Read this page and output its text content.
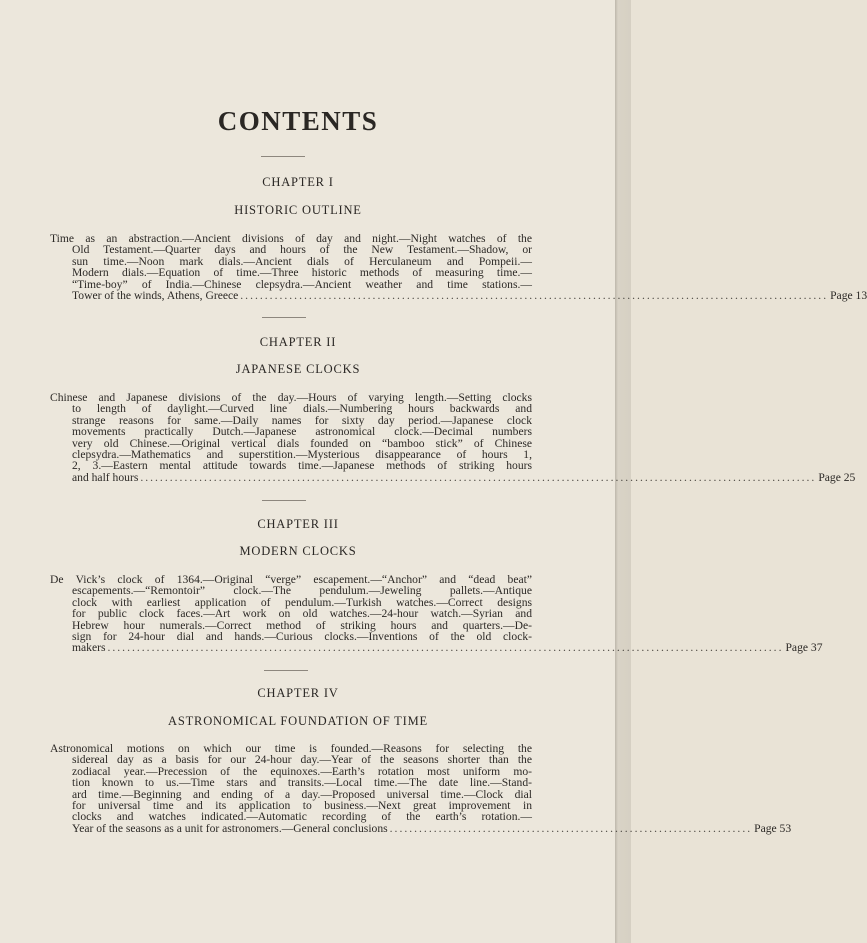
CONTENTS
CHAPTER I
HISTORIC OUTLINE
Time as an abstraction.—Ancient divisions of day and night.—Night watches of the
Old Testament.—Quarter days and hours of the New Testament.—Shadow, or
sun time.—Noon mark dials.—Ancient dials of Herculaneum and Pompeii.—
Modern dials.—Equation of time.—Three historic methods of measuring time.—
“Time-boy” of India.—Chinese clepsydra.—Ancient weather and time stations.—
Tower of the winds, Athens, Greece ........................................................................................................................ Page 13
CHAPTER II
JAPANESE CLOCKS
Chinese and Japanese divisions of the day.—Hours of varying length.—Setting clocks
to length of daylight.—Curved line dials.—Numbering hours backwards and
strange reasons for same.—Daily names for sixty day period.—Japanese clock
movements practically Dutch.—Japanese astronomical clock.—Decimal numbers
very old Chinese.—Original vertical dials founded on “bamboo stick” of Chinese
clepsydra.—Mathematics and superstition.—Mysterious disappearance of hours 1,
2, 3.—Eastern mental attitude towards time.—Japanese methods of striking hours
and half hours .......................................................................................................................................... Page 25
CHAPTER III
MODERN CLOCKS
De Vick’s clock of 1364.—Original “verge” escapement.—“Anchor” and “dead beat”
escapements.—“Remontoir” clock.—The pendulum.—Jeweling pallets.—Antique
clock with earliest application of pendulum.—Turkish watches.—Correct designs
for public clock faces.—Art work on old watches.—24-hour watch.—Syrian and
Hebrew hour numerals.—Correct method of striking hours and quarters.—De-
sign for 24-hour dial and hands.—Curious clocks.—Inventions of the old clock-
makers .......................................................................................................................................... Page 37
CHAPTER IV
ASTRONOMICAL FOUNDATION OF TIME
Astronomical motions on which our time is founded.—Reasons for selecting the
sidereal day as a basis for our 24-hour day.—Year of the seasons shorter than the
zodiacal year.—Precession of the equinoxes.—Earth’s rotation most uniform mo-
tion known to us.—Time stars and transits.—Local time.—The date line.—Stand-
ard time.—Beginning and ending of a day.—Proposed universal time.—Clock dial
for universal time and its application to business.—Next great improvement in
clocks and watches indicated.—Automatic recording of the earth’s rotation.—
Year of the seasons as a unit for astronomers.—General conclusions .......................................................................... Page 53
